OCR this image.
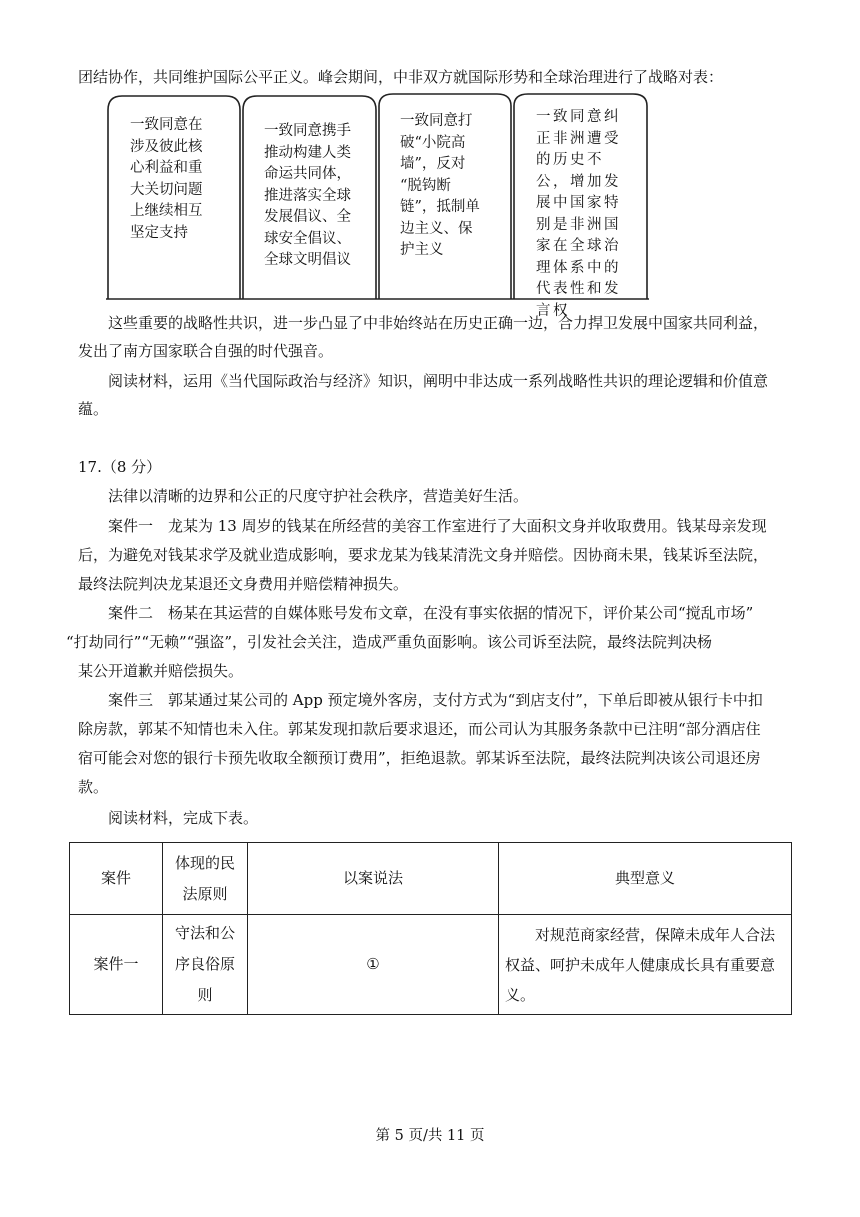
团结协作，共同维护国际公平正义。峰会期间，中非双方就国际形势和全球治理进行了战略对表：
一致同意在
涉及彼此核
心利益和重
大关切问题
上继续相互
坚定支持
一致同意携手
推动构建人类
命运共同体，
推进落实全球
发展倡议、全
球安全倡议、
全球文明倡议
一致同意打
破“小院高
墙”，反对
“脱钩断
链”，抵制单
边主义、保
护主义
一致同意纠
正非洲遭受
的历史不
公，增加发
展中国家特
别是非洲国
家在全球治
理体系中的
代表性和发
言权
这些重要的战略性共识，进一步凸显了中非始终站在历史正确一边，合力捍卫发展中国家共同利益，
发出了南方国家联合自强的时代强音。
阅读材料，运用《当代国际政治与经济》知识，阐明中非达成一系列战略性共识的理论逻辑和价值意
蕴。
17.（8 分）
法律以清晰的边界和公正的尺度守护社会秩序，营造美好生活。
案件一　龙某为 13 周岁的钱某在所经营的美容工作室进行了大面积文身并收取费用。钱某母亲发现
后，为避免对钱某求学及就业造成影响，要求龙某为钱某清洗文身并赔偿。因协商未果，钱某诉至法院，
最终法院判决龙某退还文身费用并赔偿精神损失。
案件二　杨某在其运营的自媒体账号发布文章，在没有事实依据的情况下，评价某公司“搅乱市场”
“打劫同行”“无赖”“强盗”，引发社会关注，造成严重负面影响。该公司诉至法院，最终法院判决杨
某公开道歉并赔偿损失。
案件三　郭某通过某公司的 App 预定境外客房，支付方式为“到店支付”，下单后即被从银行卡中扣
除房款，郭某不知情也未入住。郭某发现扣款后要求退还，而公司认为其服务条款中已注明“部分酒店住
宿可能会对您的银行卡预先收取全额预订费用”，拒绝退款。郭某诉至法院，最终法院判决该公司退还房
款。
阅读材料，完成下表。
案件	体现的民
法原则	以案说法	典型意义
案件一	守法和公
序良俗原
则	①	　　对规范商家经营，保障未成年人合法
权益、呵护未成年人健康成长具有重要意
义。
第 5 页/共 11 页
